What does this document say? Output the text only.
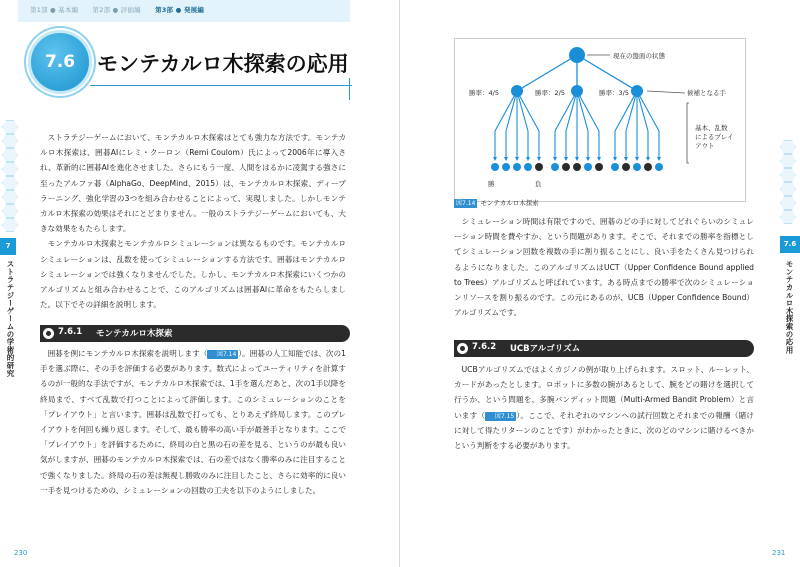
第1部 ● 基本編 第2部 ● 評価編 第3部 ● 発展編
7.6	モンテカルロ木探索の応用
7
ストラテジーゲームの学術的研究

ストラテジーゲームにおいて、モンテカルロ木探索はとても強力な方法です。モンテカルロ木探索は、囲碁AIにレミ・クーロン（Remi Coulom）氏によって2006年に導入され、革新的に囲碁AIを進化させました。さらにもう一度、人間をはるかに凌駕する強さに至ったアルファ碁（AlphaGo、DeepMind、2015）は、モンテカルロ木探索、ディープラーニング、強化学習の3つを組み合わせることによって、実現しました。しかしモンテカルロ木探索の効果はそれにとどまりません。一般のストラテジーゲームにおいても、大きな効果をもたらします。

モンテカルロ木探索とモンテカルロシミュレーションは異なるものです。モンテカルロシミュレーションは、乱数を使ってシミュレーションする方法です。囲碁はモンテカルロシミュレーションでは強くなりませんでした。しかし、モンテカルロ木探索にいくつかのアルゴリズムと組み合わせることで、このアルゴリズムは囲碁AIに革命をもたらしました。以下でその詳細を説明します。

7.6.1 モンテカルロ木探索

囲碁を例にモンテカルロ木探索を説明します（ 図7.14 ）。囲碁の人工知能では、次の1手を選ぶ際に、その手を評価する必要があります。数式によってユーティリティを計算するのが一般的な手法ですが、モンテカルロ木探索では、1手を選んだあと、次の1手以降を終局まで、すべて乱数で打つことによって評価します。このシミュレーションのことを「プレイアウト」と言います。囲碁は乱数で打っても、とりあえず終局します。このプレイアウトを何回も繰り返します。そして、最も勝率の高い手が最善手となります。ここで「プレイアウト」を評価するために、終局の白と黒の石の差を見る、というのが最も良い気がしますが、囲碁のモンテカルロ木探索では、石の差ではなく勝率のみに注目することで強くなりました。終局の石の差は無視し勝敗のみに注目したこと、さらに効率的に良い一手を見つけるための、シミュレーションの回数の工夫を以下のようにしました。

230
現在の盤面の状態
候補となる手
勝率：4/5	勝率：2/5	勝率：3/5
基本、乱数
によるプレイ
アウト
勝	負
図7.14 モンテカルロ木探索

シミュレーション時間は有限ですので、囲碁のどの手に対してどれぐらいのシミュレーション時間を費やすか、という問題があります。そこで、それまでの勝率を指標としてシミュレーション回数を複数の手に割り振ることにし、良い手をたくさん見つけられるようになりました。このアルゴリズムはUCT（Upper Confidence Bound applied to Trees）アルゴリズムと呼ばれています。ある時点までの勝率で次のシミュレーションリソースを割り振るのです。この元にあるのが、UCB（Upper Confidence Bound）アルゴリズムです。

7.6.2 UCBアルゴリズム

UCBアルゴリズムではよくカジノの例が取り上げられます。スロット、ルーレット、カードがあったとします。ロボットに多数の腕があるとして、腕をどの賭けを選択して行うか、という問題を、多腕バンディット問題（Multi-Armed Bandit Problem）と言います（ 図7.15 ）。ここで、それぞれのマシンへの試行回数とそれまでの報酬（賭けに対して得たリターンのことです）がわかったときに、次のどのマシンに賭けるべきかという判断をする必要があります。

7.6
モンテカルロ木探索の応用
231
